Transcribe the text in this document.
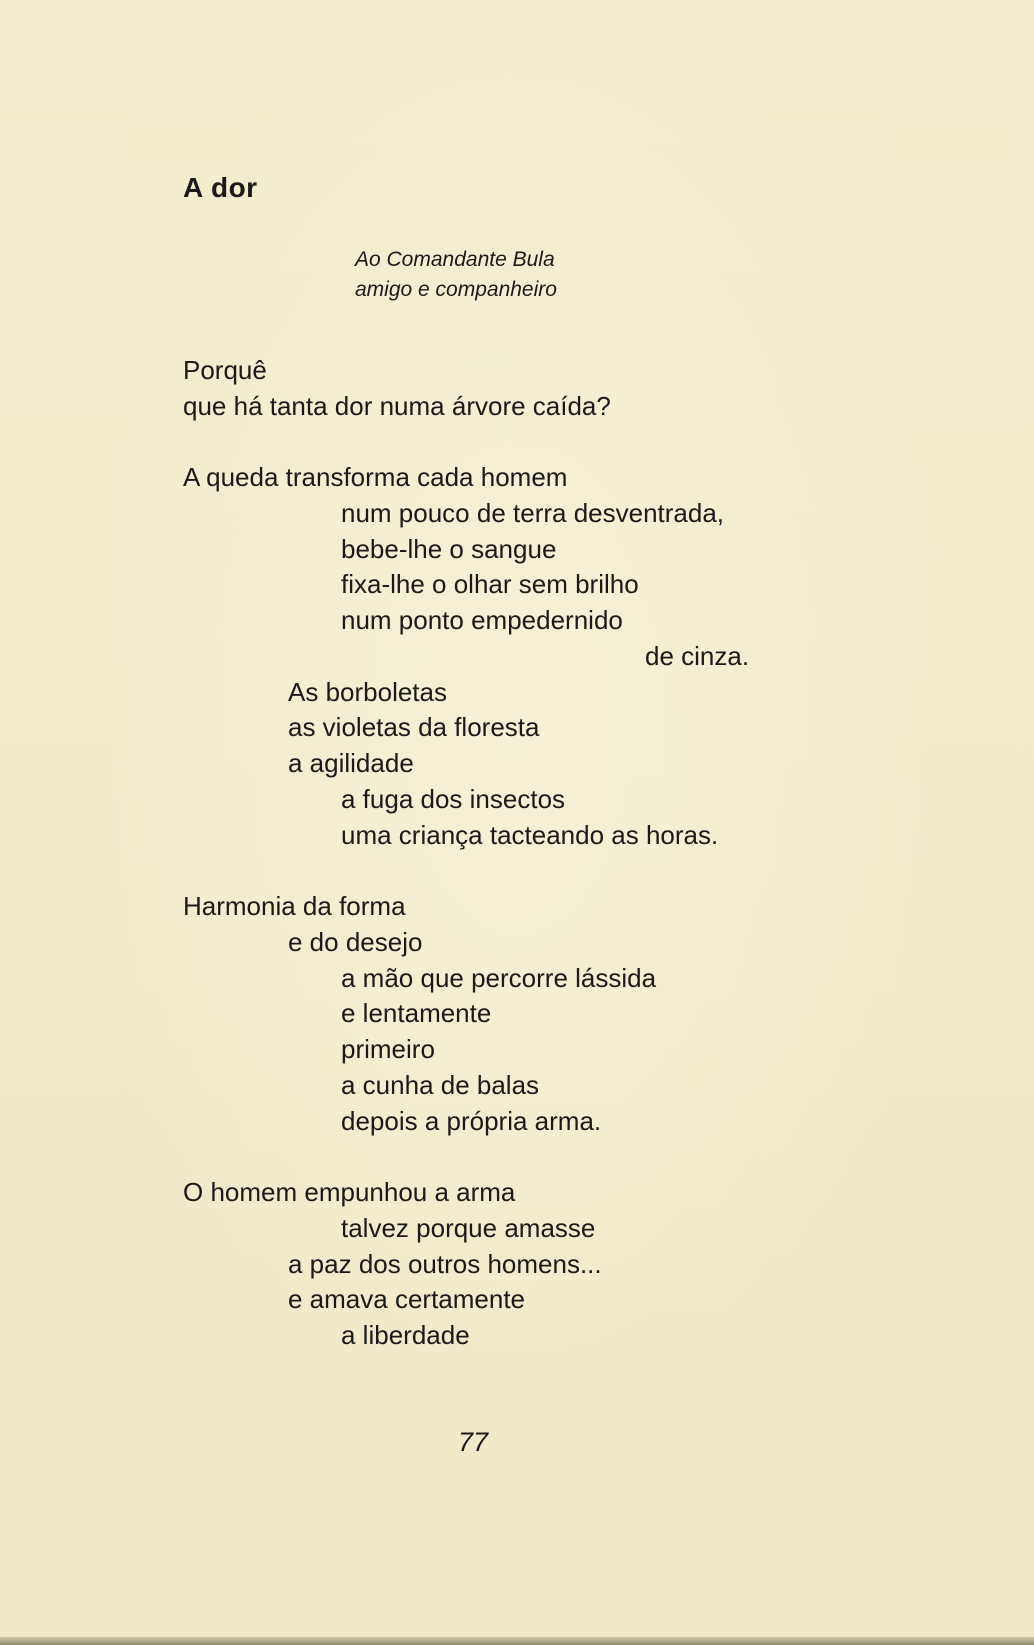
A dor
Ao Comandante Bula
amigo e companheiro
Porquê
que há tanta dor numa árvore caída?
A queda transforma cada homem
num pouco de terra desventrada,
bebe-lhe o sangue
fixa-lhe o olhar sem brilho
num ponto empedernido
de cinza.
As borboletas
as violetas da floresta
a agilidade
a fuga dos insectos
uma criança tacteando as horas.
Harmonia da forma
e do desejo
a mão que percorre lássida
e lentamente
primeiro
a cunha de balas
depois a própria arma.
O homem empunhou a arma
talvez porque amasse
a paz dos outros homens...
e amava certamente
a liberdade
77
